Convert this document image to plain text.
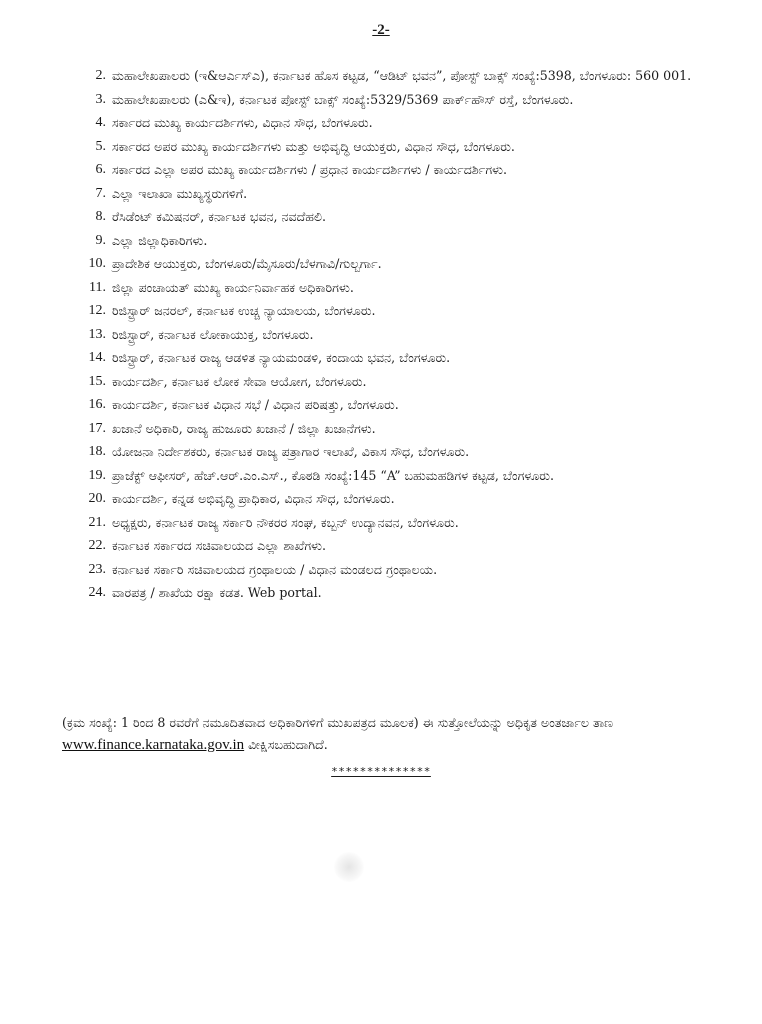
-2-
2. ಮಹಾಲೇಖಪಾಲರು (ಇ&ಆರ್ಎಸ್ಎ), ಕರ್ನಾಟಕ ಹೊಸ ಕಟ್ಟಡ, “ಆಡಿಟ್ ಭವನ”, ಪೋಸ್ಟ್ ಬಾಕ್ಸ್ ಸಂಖ್ಯೆ:5398, ಬೆಂಗಳೂರು: 560 001.
3. ಮಹಾಲೇಖಪಾಲರು (ಎ&ಇ), ಕರ್ನಾಟಕ ಪೋಸ್ಟ್ ಬಾಕ್ಸ್ ಸಂಖ್ಯೆ:5329/5369 ಪಾರ್ಕ್‌ಹೌಸ್ ರಸ್ತೆ, ಬೆಂಗಳೂರು.
4. ಸರ್ಕಾರದ ಮುಖ್ಯ ಕಾರ್ಯದರ್ಶಿಗಳು, ವಿಧಾನ ಸೌಧ, ಬೆಂಗಳೂರು.
5. ಸರ್ಕಾರದ ಅಪರ ಮುಖ್ಯ ಕಾರ್ಯದರ್ಶಿಗಳು ಮತ್ತು ಅಭಿವೃದ್ಧಿ ಆಯುಕ್ತರು, ವಿಧಾನ ಸೌಧ, ಬೆಂಗಳೂರು.
6. ಸರ್ಕಾರದ ಎಲ್ಲಾ ಅಪರ ಮುಖ್ಯ ಕಾರ್ಯದರ್ಶಿಗಳು / ಪ್ರಧಾನ ಕಾರ್ಯದರ್ಶಿಗಳು / ಕಾರ್ಯದರ್ಶಿಗಳು.
7. ಎಲ್ಲಾ ಇಲಾಖಾ ಮುಖ್ಯಸ್ಥರುಗಳಿಗೆ.
8. ರೆಸಿಡೆಂಟ್ ಕಮಿಷನರ್, ಕರ್ನಾಟಕ ಭವನ, ನವದೆಹಲಿ.
9. ಎಲ್ಲಾ ಜಿಲ್ಲಾಧಿಕಾರಿಗಳು.
10. ಪ್ರಾದೇಶಿಕ ಆಯುಕ್ತರು, ಬೆಂಗಳೂರು/ಮೈಸೂರು/ಬೆಳಗಾವಿ/ಗುಲ್ಬರ್ಗಾ.
11. ಜಿಲ್ಲಾ ಪಂಚಾಯತ್ ಮುಖ್ಯ ಕಾರ್ಯನಿರ್ವಾಹಕ ಅಧಿಕಾರಿಗಳು.
12. ರಿಜಿಸ್ಟ್ರಾರ್ ಜನರಲ್, ಕರ್ನಾಟಕ ಉಚ್ಚ ನ್ಯಾಯಾಲಯ, ಬೆಂಗಳೂರು.
13. ರಿಜಿಸ್ಟ್ರಾರ್, ಕರ್ನಾಟಕ ಲೋಕಾಯುಕ್ತ, ಬೆಂಗಳೂರು.
14. ರಿಜಿಸ್ಟ್ರಾರ್, ಕರ್ನಾಟಕ ರಾಜ್ಯ ಆಡಳಿತ ನ್ಯಾಯಮಂಡಳಿ, ಕಂದಾಯ ಭವನ, ಬೆಂಗಳೂರು.
15. ಕಾರ್ಯದರ್ಶಿ, ಕರ್ನಾಟಕ ಲೋಕ ಸೇವಾ ಆಯೋಗ, ಬೆಂಗಳೂರು.
16. ಕಾರ್ಯದರ್ಶಿ, ಕರ್ನಾಟಕ ವಿಧಾನ ಸಭೆ / ವಿಧಾನ ಪರಿಷತ್ತು, ಬೆಂಗಳೂರು.
17. ಖಜಾನೆ ಅಧಿಕಾರಿ, ರಾಜ್ಯ ಹುಜೂರು ಖಜಾನೆ / ಜಿಲ್ಲಾ ಖಜಾನೆಗಳು.
18. ಯೋಜನಾ ನಿರ್ದೇಶಕರು, ಕರ್ನಾಟಕ ರಾಜ್ಯ ಪತ್ರಾಗಾರ ಇಲಾಖೆ, ವಿಕಾಸ ಸೌಧ, ಬೆಂಗಳೂರು.
19. ಪ್ರಾಜೆಕ್ಟ್ ಆಫೀಸರ್, ಹೆಚ್.ಆರ್.ಎಂ.ಎಸ್., ಕೊಠಡಿ ಸಂಖ್ಯೆ:145 “A” ಬಹುಮಹಡಿಗಳ ಕಟ್ಟಡ, ಬೆಂಗಳೂರು.
20. ಕಾರ್ಯದರ್ಶಿ, ಕನ್ನಡ ಅಭಿವೃದ್ಧಿ ಪ್ರಾಧಿಕಾರ, ವಿಧಾನ ಸೌಧ, ಬೆಂಗಳೂರು.
21. ಅಧ್ಯಕ್ಷರು, ಕರ್ನಾಟಕ ರಾಜ್ಯ ಸರ್ಕಾರಿ ನೌಕರರ ಸಂಘ, ಕಬ್ಬನ್ ಉದ್ಯಾನವನ, ಬೆಂಗಳೂರು.
22. ಕರ್ನಾಟಕ ಸರ್ಕಾರದ ಸಚಿವಾಲಯದ ಎಲ್ಲಾ ಶಾಖೆಗಳು.
23. ಕರ್ನಾಟಕ ಸರ್ಕಾರಿ ಸಚಿವಾಲಯದ ಗ್ರಂಥಾಲಯ / ವಿಧಾನ ಮಂಡಲದ ಗ್ರಂಥಾಲಯ.
24. ವಾರಪತ್ರ / ಶಾಖೆಯ ರಕ್ಷಾ ಕಡತ. Web portal.
(ಕ್ರಮ ಸಂಖ್ಯೆ: 1 ರಿಂದ 8 ರವರೆಗೆ ನಮೂದಿತವಾದ ಅಧಿಕಾರಿಗಳಿಗೆ ಮುಖಪತ್ರದ ಮೂಲಕ) ಈ ಸುತ್ತೋಲೆಯನ್ನು ಅಧಿಕೃತ ಅಂತರ್ಜಾಲ ತಾಣ www.finance.karnataka.gov.in ವೀಕ್ಷಿಸಬಹುದಾಗಿದೆ.
**************
